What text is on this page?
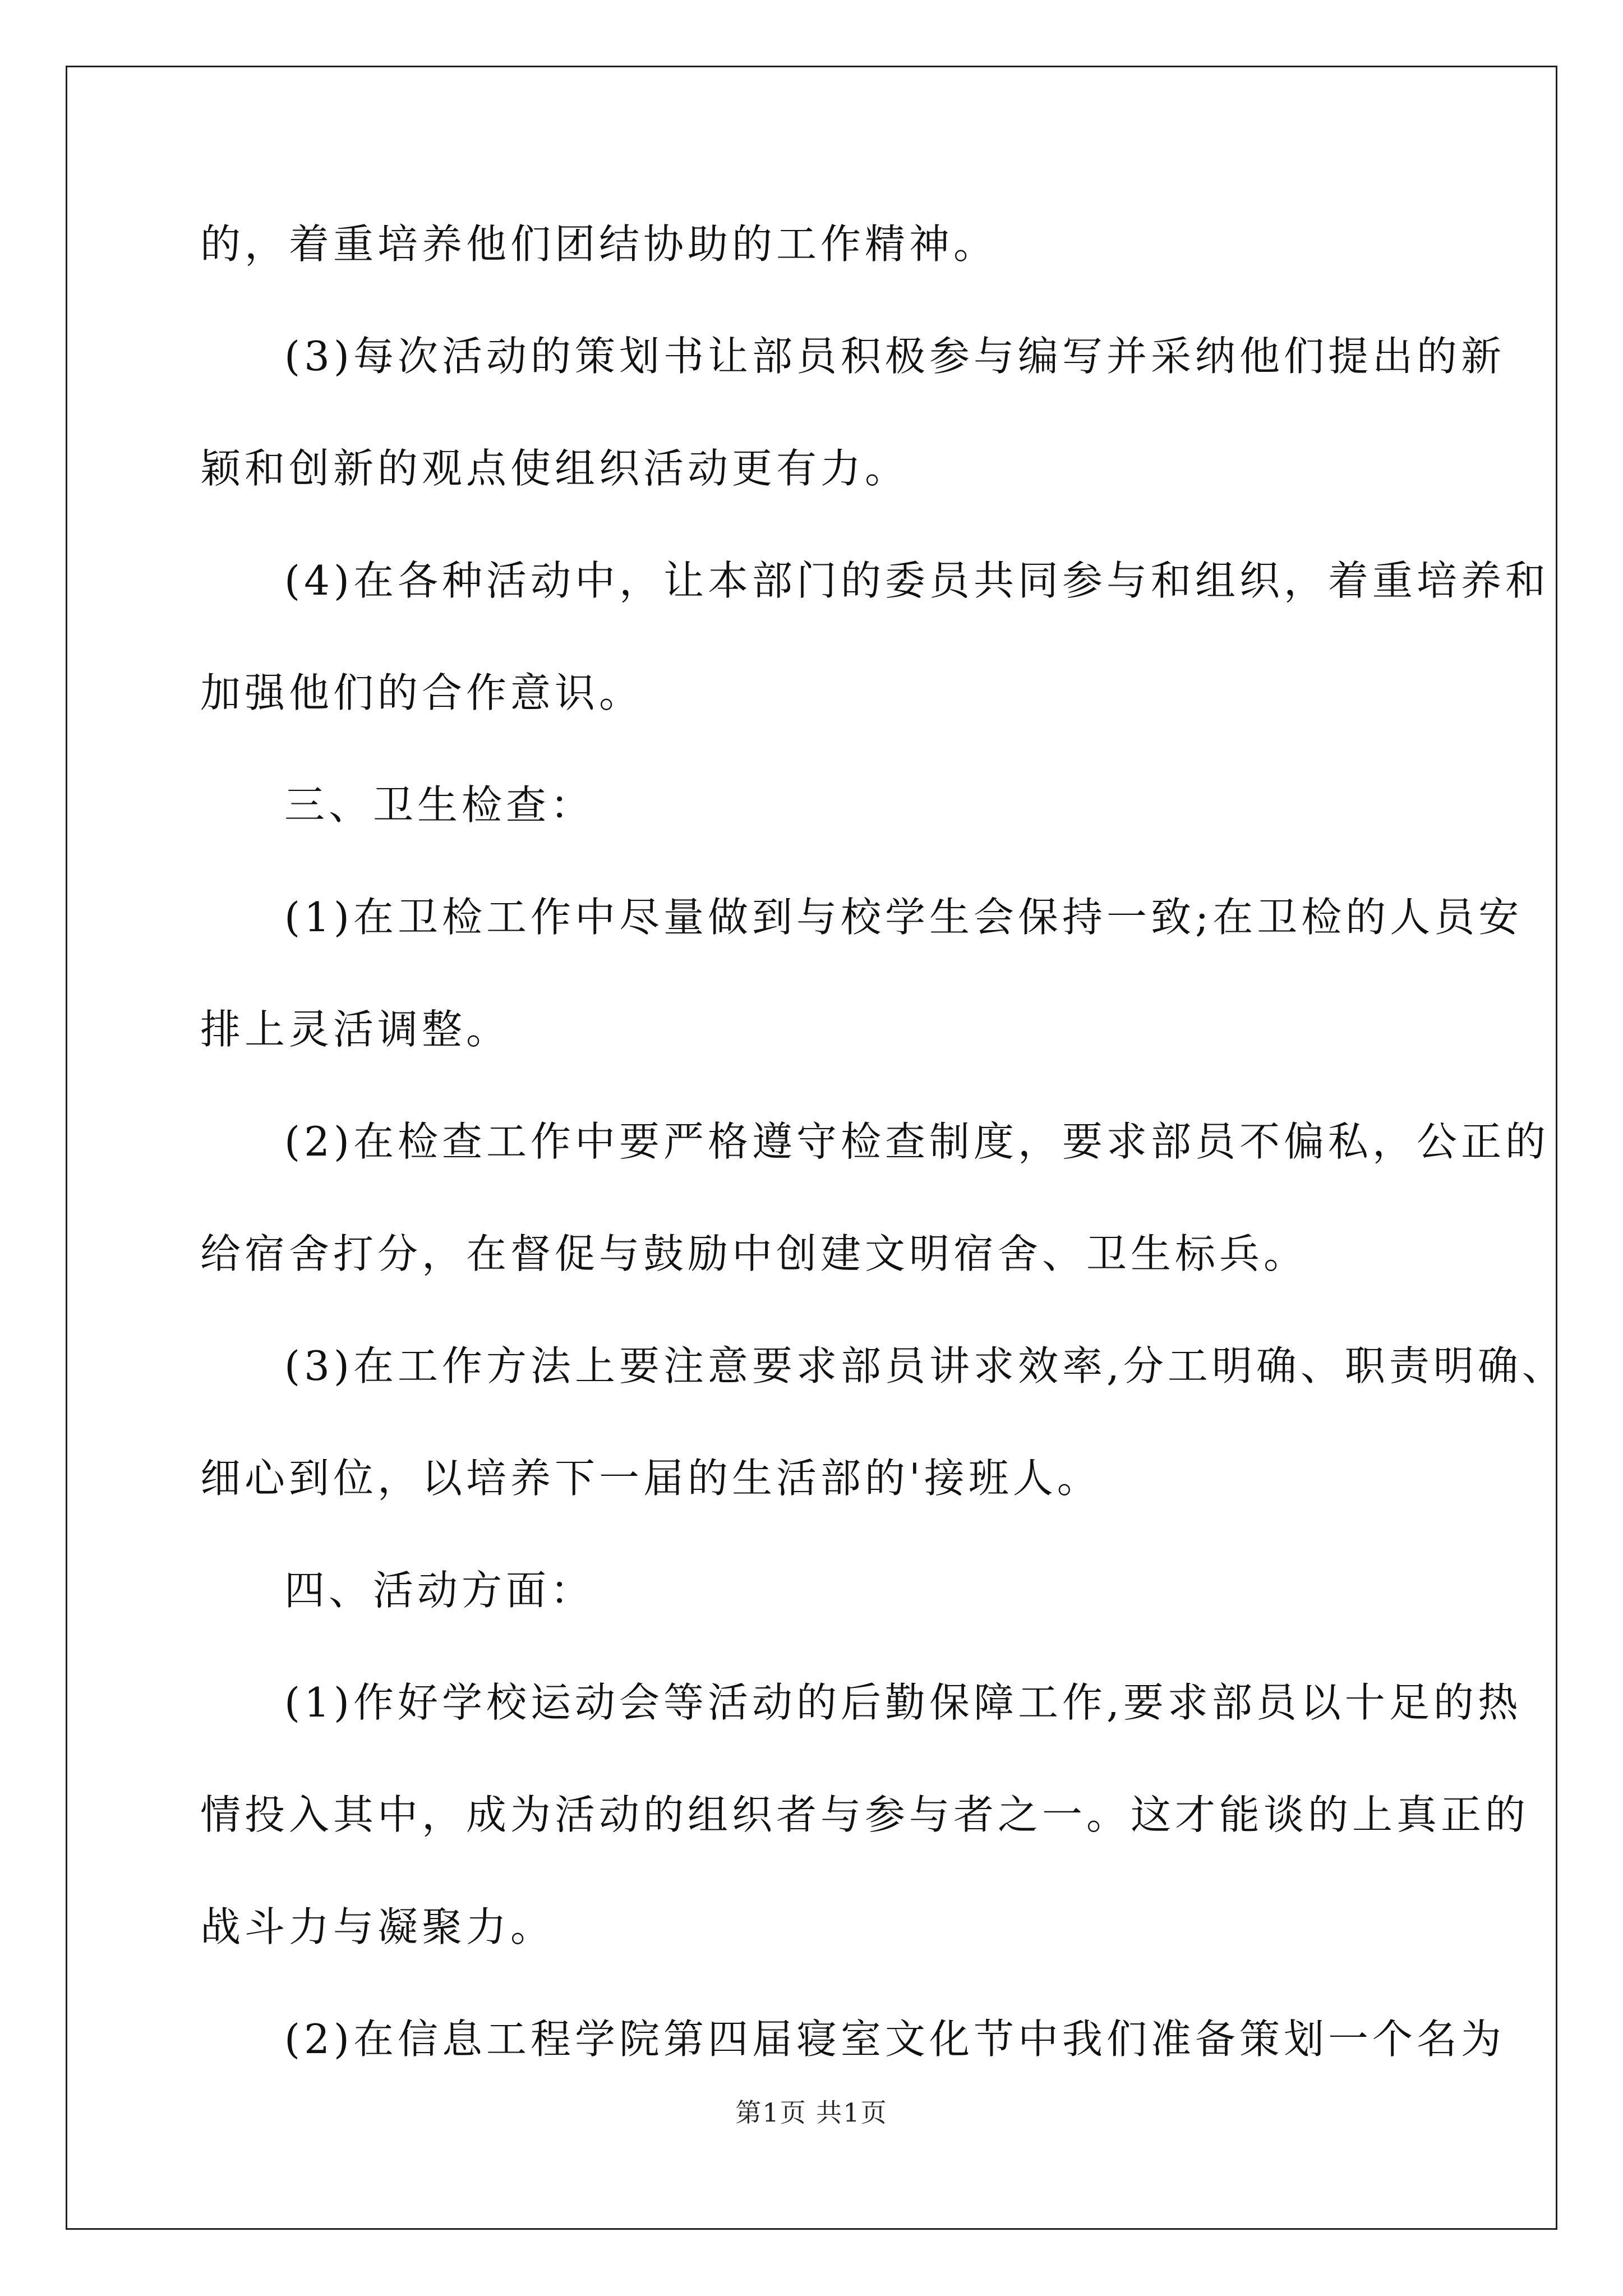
的，着重培养他们团结协助的工作精神。
(3)每次活动的策划书让部员积极参与编写并采纳他们提出的新
颖和创新的观点使组织活动更有力。
(4)在各种活动中，让本部门的委员共同参与和组织，着重培养和
加强他们的合作意识。
三、卫生检查：
(1)在卫检工作中尽量做到与校学生会保持一致;在卫检的人员安
排上灵活调整。
(2)在检查工作中要严格遵守检查制度，要求部员不偏私，公正的
给宿舍打分，在督促与鼓励中创建文明宿舍、卫生标兵。
(3)在工作方法上要注意要求部员讲求效率,分工明确、职责明确、
细心到位，以培养下一届的生活部的'接班人。
四、活动方面：
(1)作好学校运动会等活动的后勤保障工作,要求部员以十足的热
情投入其中，成为活动的组织者与参与者之一。这才能谈的上真正的
战斗力与凝聚力。
(2)在信息工程学院第四届寝室文化节中我们准备策划一个名为
第1页 共1页
